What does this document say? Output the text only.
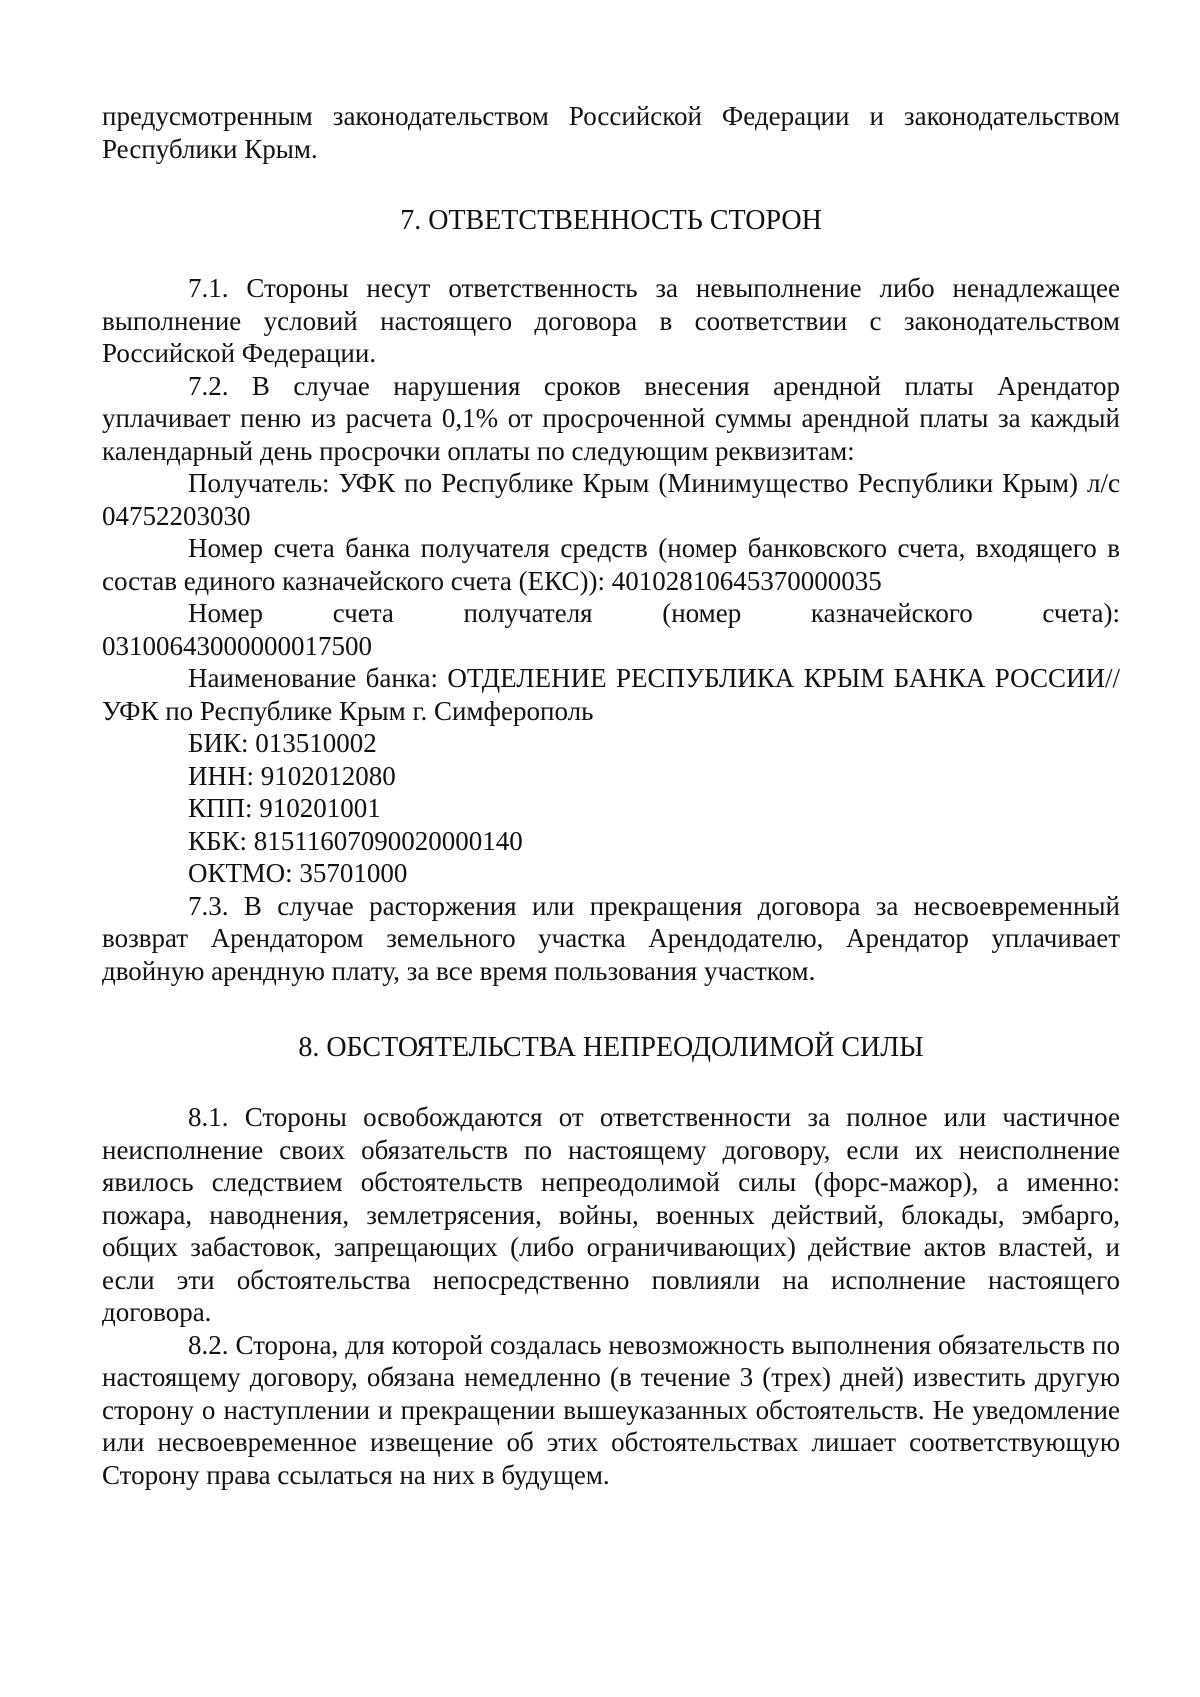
предусмотренным законодательством Российской Федерации и законодательством Республики Крым.

7. ОТВЕТСТВЕННОСТЬ СТОРОН

7.1. Стороны несут ответственность за невыполнение либо ненадлежащее выполнение условий настоящего договора в соответствии с законодательством Российской Федерации.

7.2. В случае нарушения сроков внесения арендной платы Арендатор уплачивает пеню из расчета 0,1% от просроченной суммы арендной платы за каждый календарный день просрочки оплаты по следующим реквизитам:

Получатель: УФК по Республике Крым (Минимущество Республики Крым) л/с 04752203030

Номер счета банка получателя средств (номер банковского счета, входящего в состав единого казначейского счета (ЕКС)): 40102810645370000035

Номер счета получателя (номер казначейского счета):

03100643000000017500

Наименование банка: ОТДЕЛЕНИЕ РЕСПУБЛИКА КРЫМ БАНКА РОССИИ//УФК по Республике Крым г. Симферополь

БИК: 013510002

ИНН: 9102012080

КПП: 910201001

КБК: 81511607090020000140

ОКТМО: 35701000

7.3. В случае расторжения или прекращения договора за несвоевременный возврат Арендатором земельного участка Арендодателю, Арендатор уплачивает двойную арендную плату, за все время пользования участком.

8. ОБСТОЯТЕЛЬСТВА НЕПРЕОДОЛИМОЙ СИЛЫ

8.1. Стороны освобождаются от ответственности за полное или частичное неисполнение своих обязательств по настоящему договору, если их неисполнение явилось следствием обстоятельств непреодолимой силы (форс-мажор), а именно: пожара, наводнения, землетрясения, войны, военных действий, блокады, эмбарго, общих забастовок, запрещающих (либо ограничивающих) действие актов властей, и если эти обстоятельства непосредственно повлияли на исполнение настоящего договора.

8.2. Сторона, для которой создалась невозможность выполнения обязательств по настоящему договору, обязана немедленно (в течение 3 (трех) дней) известить другую сторону о наступлении и прекращении вышеуказанных обстоятельств. Не уведомление или несвоевременное извещение об этих обстоятельствах лишает соответствующую Сторону права ссылаться на них в будущем.
